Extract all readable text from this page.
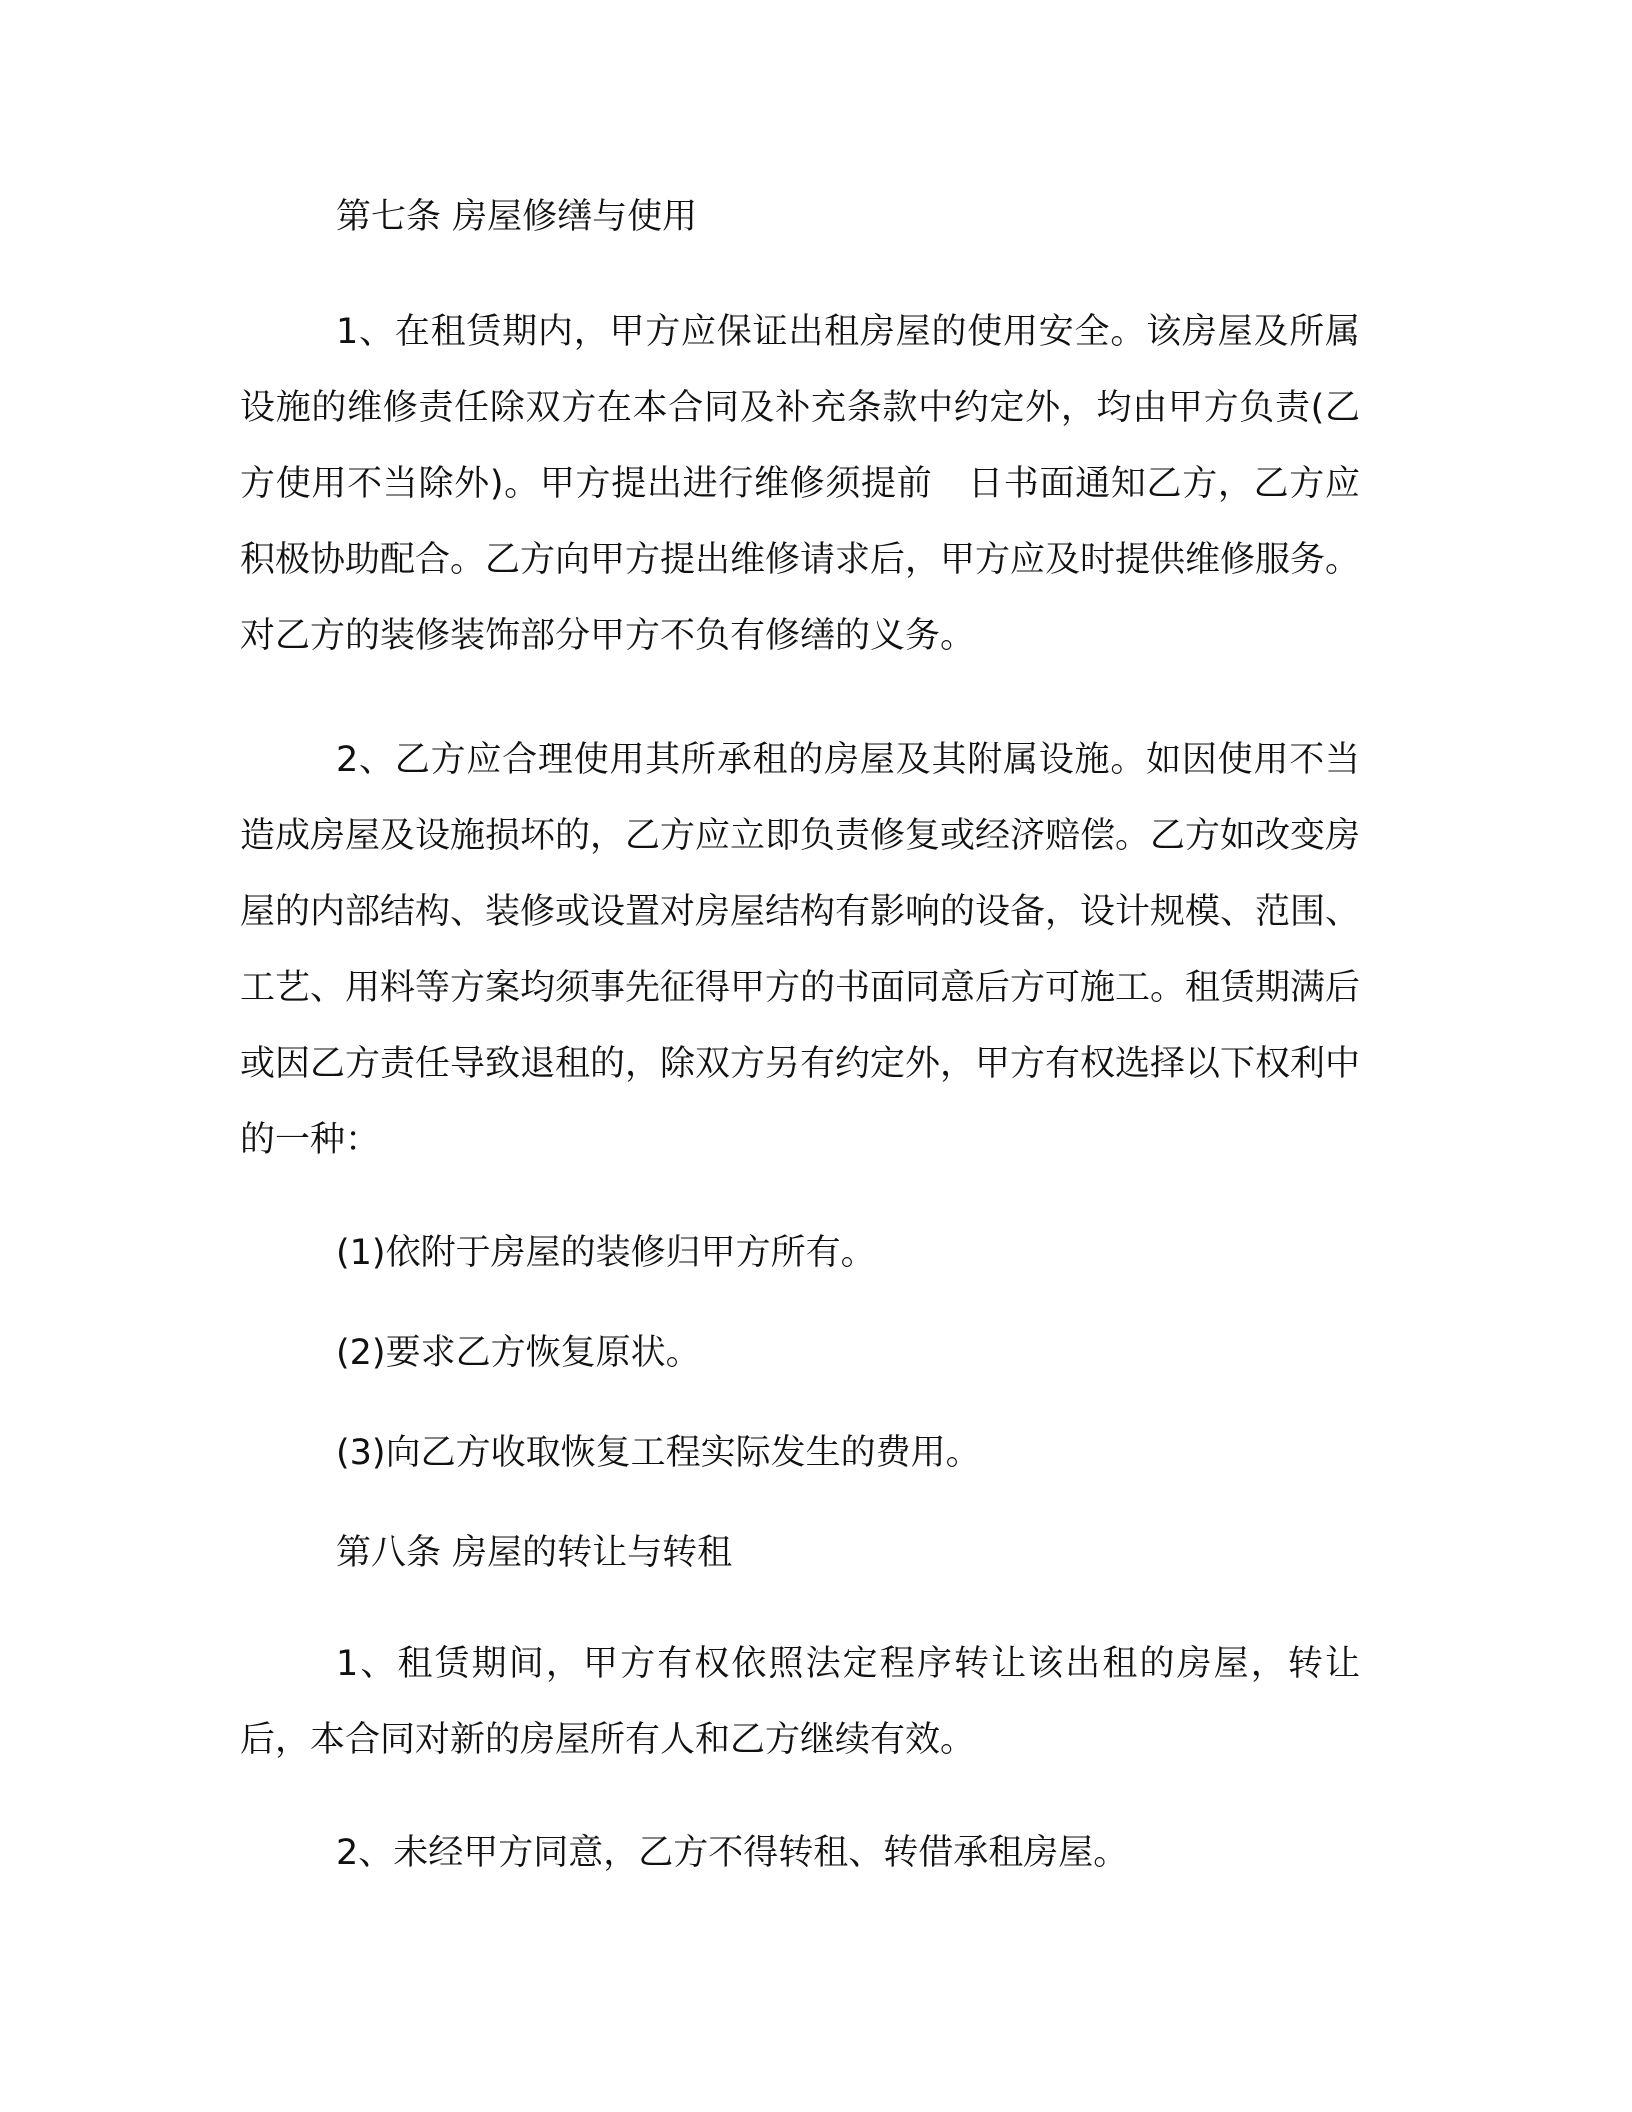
第七条 房屋修缮与使用

1、在租赁期内，甲方应保证出租房屋的使用安全。该房屋及所属设施的维修责任除双方在本合同及补充条款中约定外，均由甲方负责(乙方使用不当除外)。甲方提出进行维修须提前　日书面通知乙方，乙方应积极协助配合。乙方向甲方提出维修请求后，甲方应及时提供维修服务。对乙方的装修装饰部分甲方不负有修缮的义务。

2、乙方应合理使用其所承租的房屋及其附属设施。如因使用不当造成房屋及设施损坏的，乙方应立即负责修复或经济赔偿。乙方如改变房屋的内部结构、装修或设置对房屋结构有影响的设备，设计规模、范围、工艺、用料等方案均须事先征得甲方的书面同意后方可施工。租赁期满后或因乙方责任导致退租的，除双方另有约定外，甲方有权选择以下权利中的一种：

(1)依附于房屋的装修归甲方所有。

(2)要求乙方恢复原状。

(3)向乙方收取恢复工程实际发生的费用。

第八条 房屋的转让与转租

1、租赁期间，甲方有权依照法定程序转让该出租的房屋，转让后，本合同对新的房屋所有人和乙方继续有效。

2、未经甲方同意，乙方不得转租、转借承租房屋。
